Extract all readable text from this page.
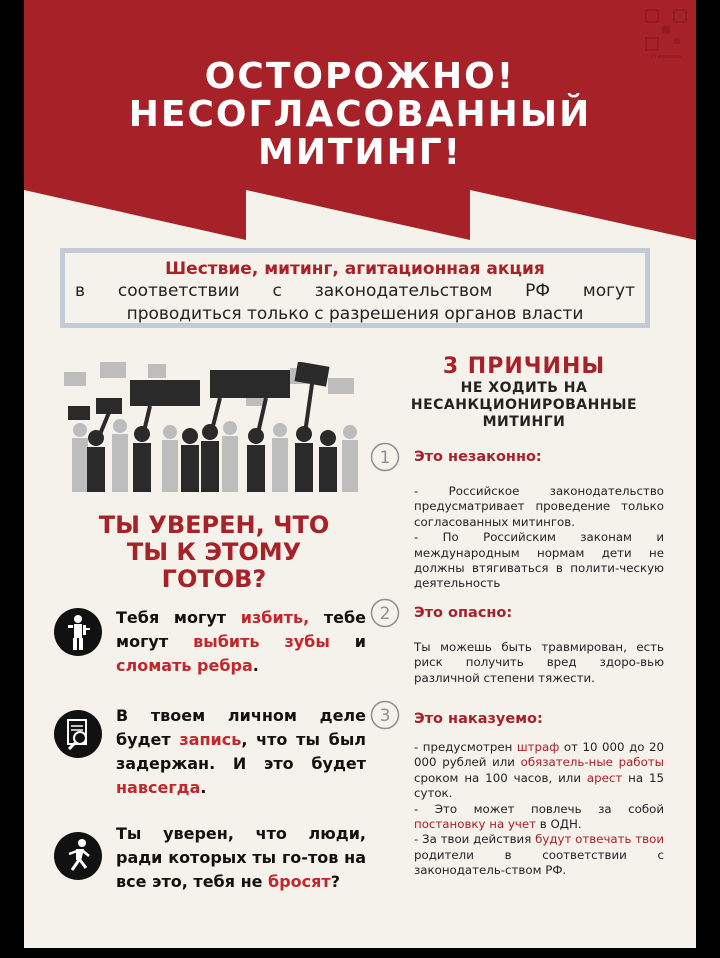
Ставрополь
ОСТОРОЖНО!
НЕСОГЛАСОВАННЫЙ
МИТИНГ!

Шествие, митинг, агитационная акция

в соответствии с законодательством РФ могут

проводиться только с разрешения органов власти

ТЫ УВЕРЕН, ЧТО
ТЫ К ЭТОМУ
ГОТОВ?

Тебя могут избить, тебе могут выбить зубы и сломать ребра.

В твоем личном деле будет запись, что ты был задержан. И это будет навсегда.

Ты уверен, что люди, ради которых ты го-тов на все это, тебя не бросят?

3 ПРИЧИНЫ
НЕ ХОДИТЬ НА
НЕСАНКЦИОНИРОВАННЫЕ
МИТИНГИ
1 Это незаконно:

- Российское законодательство предусматривает проведение только согласованных митингов.

- По Российским законам и международным нормам дети не должны втягиваться в полити-ческую деятельность

2 Это опасно:

Ты можешь быть травмирован, есть риск получить вред здоро-вью различной степени тяжести.

3 Это наказуемо:

- предусмотрен штраф от 10 000 до 20 000 рублей или обязатель-ные работы сроком на 100 часов, или арест на 15 суток.

- Это может повлечь за собой постановку на учет в ОДН.

- За твои действия будут отвечать твои родители в соответствии с законодатель-ством РФ.
